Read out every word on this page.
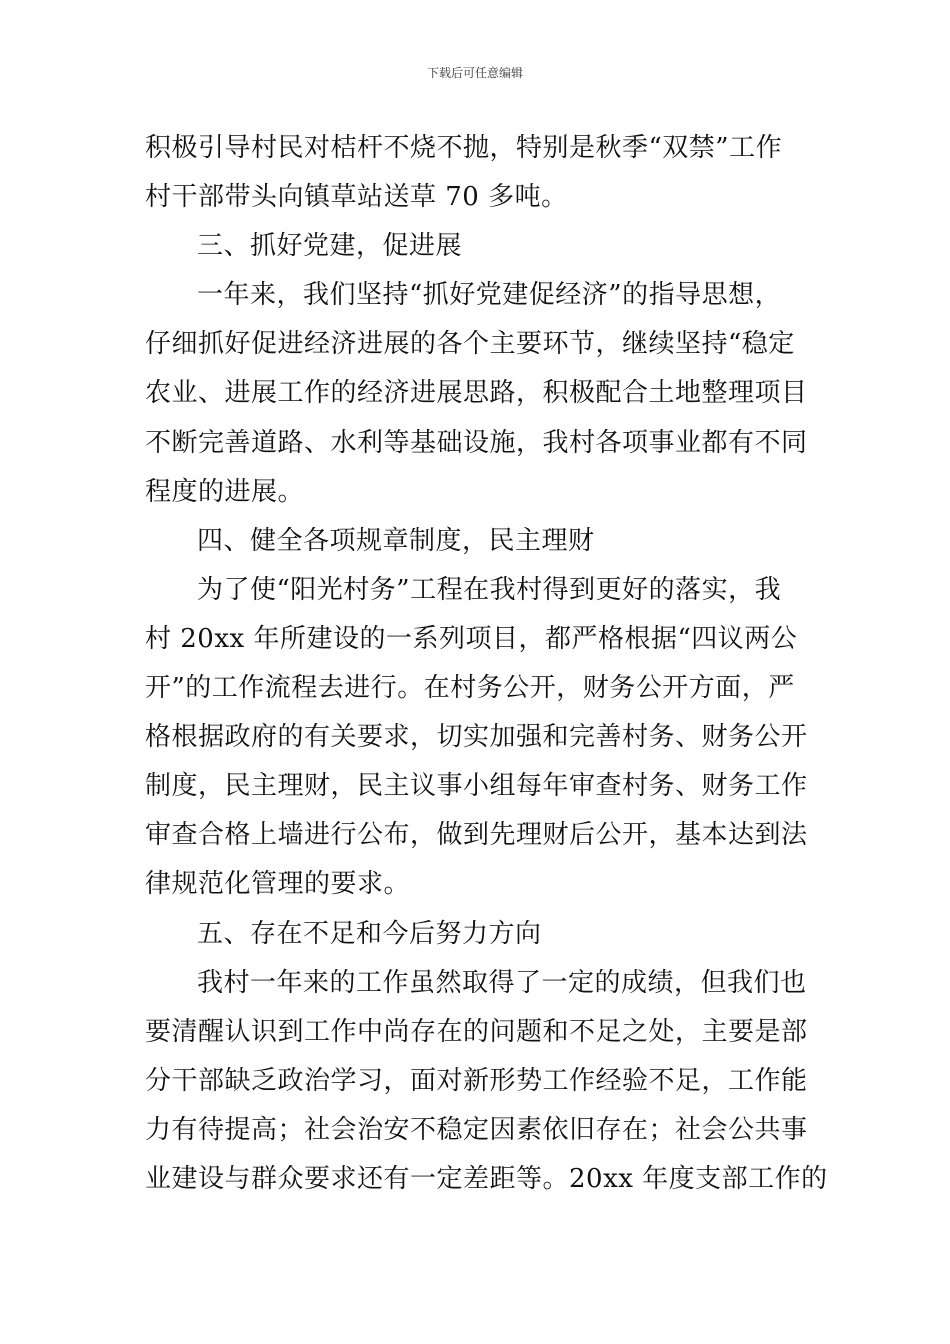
下载后可任意编辑
积极引导村民对桔杆不烧不抛，特别是秋季“双禁”工作
村干部带头向镇草站送草 70 多吨。
三、抓好党建，促进展
一年来，我们坚持“抓好党建促经济”的指导思想，
仔细抓好促进经济进展的各个主要环节，继续坚持“稳定
农业、进展工作的经济进展思路，积极配合土地整理项目
不断完善道路、水利等基础设施，我村各项事业都有不同
程度的进展。
四、健全各项规章制度，民主理财
为了使“阳光村务”工程在我村得到更好的落实，我
村 20xx 年所建设的一系列项目，都严格根据“四议两公
开”的工作流程去进行。在村务公开，财务公开方面，严
格根据政府的有关要求，切实加强和完善村务、财务公开
制度，民主理财，民主议事小组每年审查村务、财务工作
审查合格上墙进行公布，做到先理财后公开，基本达到法
律规范化管理的要求。
五、存在不足和今后努力方向
我村一年来的工作虽然取得了一定的成绩，但我们也
要清醒认识到工作中尚存在的问题和不足之处，主要是部
分干部缺乏政治学习，面对新形势工作经验不足，工作能
力有待提高；社会治安不稳定因素依旧存在；社会公共事
业建设与群众要求还有一定差距等。20xx 年度支部工作的
